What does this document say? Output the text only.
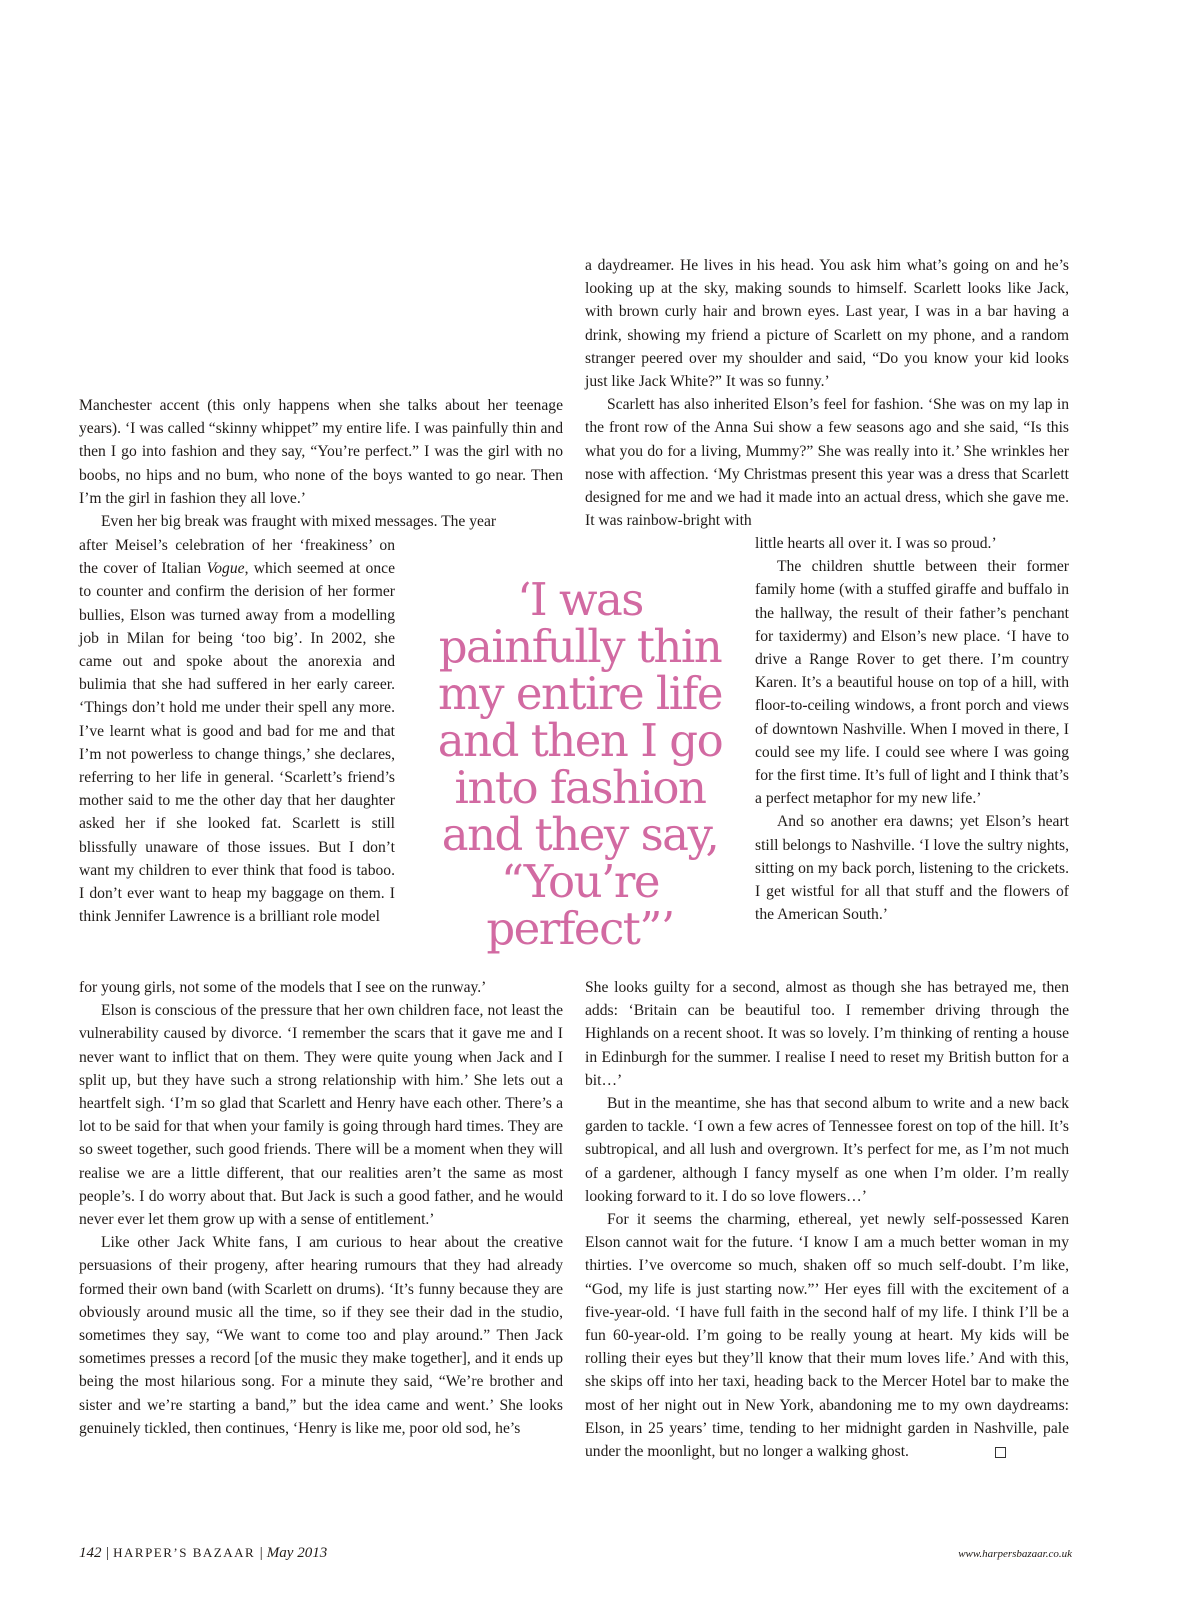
a daydreamer. He lives in his head. You ask him what’s going on and he’s looking up at the sky, making sounds to himself. Scarlett looks like Jack, with brown curly hair and brown eyes. Last year, I was in a bar having a drink, showing my friend a picture of Scarlett on my phone, and a random stranger peered over my shoulder and said, “Do you know your kid looks just like Jack White?” It was so funny.’

Scarlett has also inherited Elson’s feel for fashion. ‘She was on my lap in the front row of the Anna Sui show a few seasons ago and she said, “Is this what you do for a living, Mummy?” She was really into it.’ She wrinkles her nose with affection. ‘My Christmas present this year was a dress that Scarlett designed for me and we had it made into an actual dress, which she gave me. It was rainbow-bright with

Manchester accent (this only happens when she talks about her teenage years). ‘I was called “skinny whippet” my entire life. I was painfully thin and then I go into fashion and they say, “You’re perfect.” I was the girl with no boobs, no hips and no bum, who none of the boys wanted to go near. Then I’m the girl in fashion they all love.’

Even her big break was fraught with mixed messages. The year

after Meisel’s celebration of her ‘freakiness’ on the cover of Italian Vogue, which seemed at once to counter and confirm the derision of her former bullies, Elson was turned away from a modelling job in Milan for being ‘too big’. In 2002, she came out and spoke about the anorexia and bulimia that she had suffered in her early career. ‘Things don’t hold me under their spell any more. I’ve learnt what is good and bad for me and that I’m not powerless to change things,’ she declares, referring to her life in general. ‘Scarlett’s friend’s mother said to me the other day that her daughter asked her if she looked fat. Scarlett is still blissfully unaware of those issues. But I don’t want my children to ever think that food is taboo. I don’t ever want to heap my baggage on them. I think Jennifer Lawrence is a brilliant role model

‘I was painfully thin my entire life and then I go into fashion and they say, “You’re perfect”’

little hearts all over it. I was so proud.’

The children shuttle between their former family home (with a stuffed giraffe and buffalo in the hallway, the result of their father’s penchant for taxidermy) and Elson’s new place. ‘I have to drive a Range Rover to get there. I’m country Karen. It’s a beautiful house on top of a hill, with floor-to-ceiling windows, a front porch and views of downtown Nashville. When I moved in there, I could see my life. I could see where I was going for the first time. It’s full of light and I think that’s a perfect metaphor for my new life.’

And so another era dawns; yet Elson’s heart still belongs to Nashville. ‘I love the sultry nights, sitting on my back porch, listening to the crickets. I get wistful for all that stuff and the flowers of the American South.’

for young girls, not some of the models that I see on the runway.’

Elson is conscious of the pressure that her own children face, not least the vulnerability caused by divorce. ‘I remember the scars that it gave me and I never want to inflict that on them. They were quite young when Jack and I split up, but they have such a strong relationship with him.’ She lets out a heartfelt sigh. ‘I’m so glad that Scarlett and Henry have each other. There’s a lot to be said for that when your family is going through hard times. They are so sweet together, such good friends. There will be a moment when they will realise we are a little different, that our realities aren’t the same as most people’s. I do worry about that. But Jack is such a good father, and he would never ever let them grow up with a sense of entitlement.’

Like other Jack White fans, I am curious to hear about the creative persuasions of their progeny, after hearing rumours that they had already formed their own band (with Scarlett on drums). ‘It’s funny because they are obviously around music all the time, so if they see their dad in the studio, sometimes they say, “We want to come too and play around.” Then Jack sometimes presses a record [of the music they make together], and it ends up being the most hilarious song. For a minute they said, “We’re brother and sister and we’re starting a band,” but the idea came and went.’ She looks genuinely tickled, then continues, ‘Henry is like me, poor old sod, he’s

She looks guilty for a second, almost as though she has betrayed me, then adds: ‘Britain can be beautiful too. I remember driving through the Highlands on a recent shoot. It was so lovely. I’m thinking of renting a house in Edinburgh for the summer. I realise I need to reset my British button for a bit…’

But in the meantime, she has that second album to write and a new back garden to tackle. ‘I own a few acres of Tennessee forest on top of the hill. It’s subtropical, and all lush and overgrown. It’s perfect for me, as I’m not much of a gardener, although I fancy myself as one when I’m older. I’m really looking forward to it. I do so love flowers…’

For it seems the charming, ethereal, yet newly self-possessed Karen Elson cannot wait for the future. ‘I know I am a much better woman in my thirties. I’ve overcome so much, shaken off so much self-doubt. I’m like, “God, my life is just starting now.”’ Her eyes fill with the excitement of a five-year-old. ‘I have full faith in the second half of my life. I think I’ll be a fun 60-year-old. I’m going to be really young at heart. My kids will be rolling their eyes but they’ll know that their mum loves life.’ And with this, she skips off into her taxi, heading back to the Mercer Hotel bar to make the most of her night out in New York, abandoning me to my own daydreams: Elson, in 25 years’ time, tending to her midnight garden in Nashville, pale under the moonlight, but no longer a walking ghost.

142 | HARPER’S BAZAAR | May 2013	www.harpersbazaar.co.uk
